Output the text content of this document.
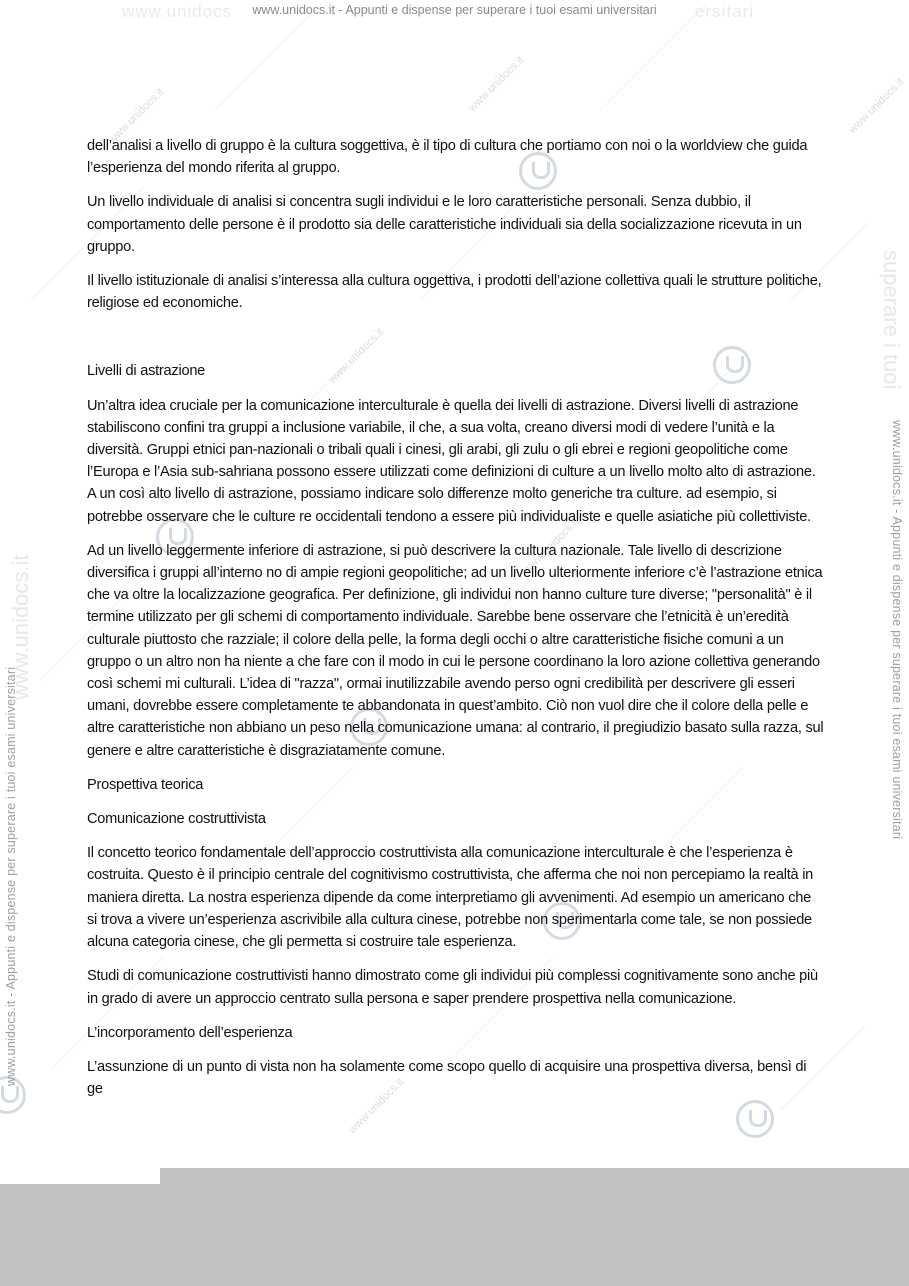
www.unidocs.it
www.unidocs.it
www.unidocs.it
www.unidocs.it
www.unidocs.it
www.unidocs.it
www.unidocs	ersitari
www.unidocs.it - Appunti e dispense per superare i tuoi esami universitari
www.unidocs.it
superare i tuoi
www.unidocs.it - Appunti e dispense per superare i tuoi esami universitari
www.unidocs.it - Appunti e dispense per superare i tuoi esami universitari

dell’analisi a livello di gruppo è la cultura soggettiva, è il tipo di cultura che portiamo con noi o la worldview che guida l’esperienza del mondo riferita al gruppo.

Un livello individuale di analisi si concentra sugli individui e le loro caratteristiche personali. Senza dubbio, il comportamento delle persone è il prodotto sia delle caratteristiche individuali sia della socializzazione ricevuta in un gruppo.

Il livello istituzionale di analisi s’interessa alla cultura oggettiva, i prodotti dell’azione collettiva quali le strutture politiche, religiose ed economiche.

Livelli di astrazione

Un’altra idea cruciale per la comunicazione interculturale è quella dei livelli di astrazione. Diversi livelli di astrazione stabiliscono confini tra gruppi a inclusione variabile, il che, a sua volta, creano diversi modi di vedere l’unità e la diversità. Gruppi etnici pan-nazionali o tribali quali i cinesi, gli arabi, gli zulu o gli ebrei e regioni geopolitiche come l’Europa e l’Asia sub-sahriana possono essere utilizzati come definizioni di culture a un livello molto alto di astrazione. A un così alto livello di astrazione, possiamo indicare solo differenze molto generiche tra culture. ad esempio, si potrebbe osservare che le culture re occidentali tendono a essere più individualiste e quelle asiatiche più collettiviste.

Ad un livello leggermente inferiore di astrazione, si può descrivere la cultura nazionale. Tale livello di descrizione diversifica i gruppi all’interno no di ampie regioni geopolitiche; ad un livello ulteriormente inferiore c’è l’astrazione etnica che va oltre la localizzazione geografica. Per definizione, gli individui non hanno culture ture diverse; "personalità" è il termine utilizzato per gli schemi di comportamento individuale. Sarebbe bene osservare che l’etnicità è un’eredità culturale piuttosto che razziale; il colore della pelle, la forma degli occhi o altre caratteristiche fisiche comuni a un gruppo o un altro non ha niente a che fare con il modo in cui le persone coordinano la loro azione collettiva generando così schemi mi culturali. L’idea di "razza", ormai inutilizzabile avendo perso ogni credibilità per descrivere gli esseri umani, dovrebbe essere completamente te abbandonata in quest’ambito. Ciò non vuol dire che il colore della pelle e altre caratteristiche non abbiano un peso nella comunicazione umana: al contrario, il pregiudizio basato sulla razza, sul genere e altre caratteristiche è disgraziatamente comune.

Prospettiva teorica

Comunicazione costruttivista

Il concetto teorico fondamentale dell’approccio costruttivista alla comunicazione interculturale è che l’esperienza è costruita. Questo è il principio centrale del cognitivismo costruttivista, che afferma che noi non percepiamo la realtà in maniera diretta. La nostra esperienza dipende da come interpretiamo gli avvenimenti. Ad esempio un americano che si trova a vivere un’esperienza ascrivibile alla cultura cinese, potrebbe non sperimentarla come tale, se non possiede alcuna categoria cinese, che gli permetta si costruire tale esperienza.

Studi di comunicazione costruttivisti hanno dimostrato come gli individui più complessi cognitivamente sono anche più in grado di avere un approccio centrato sulla persona e saper prendere prospettiva nella comunicazione.

L’incorporamento dell’esperienza

L’assunzione di un punto di vista non ha solamente come scopo quello di acquisire una prospettiva diversa, bensì di ge
